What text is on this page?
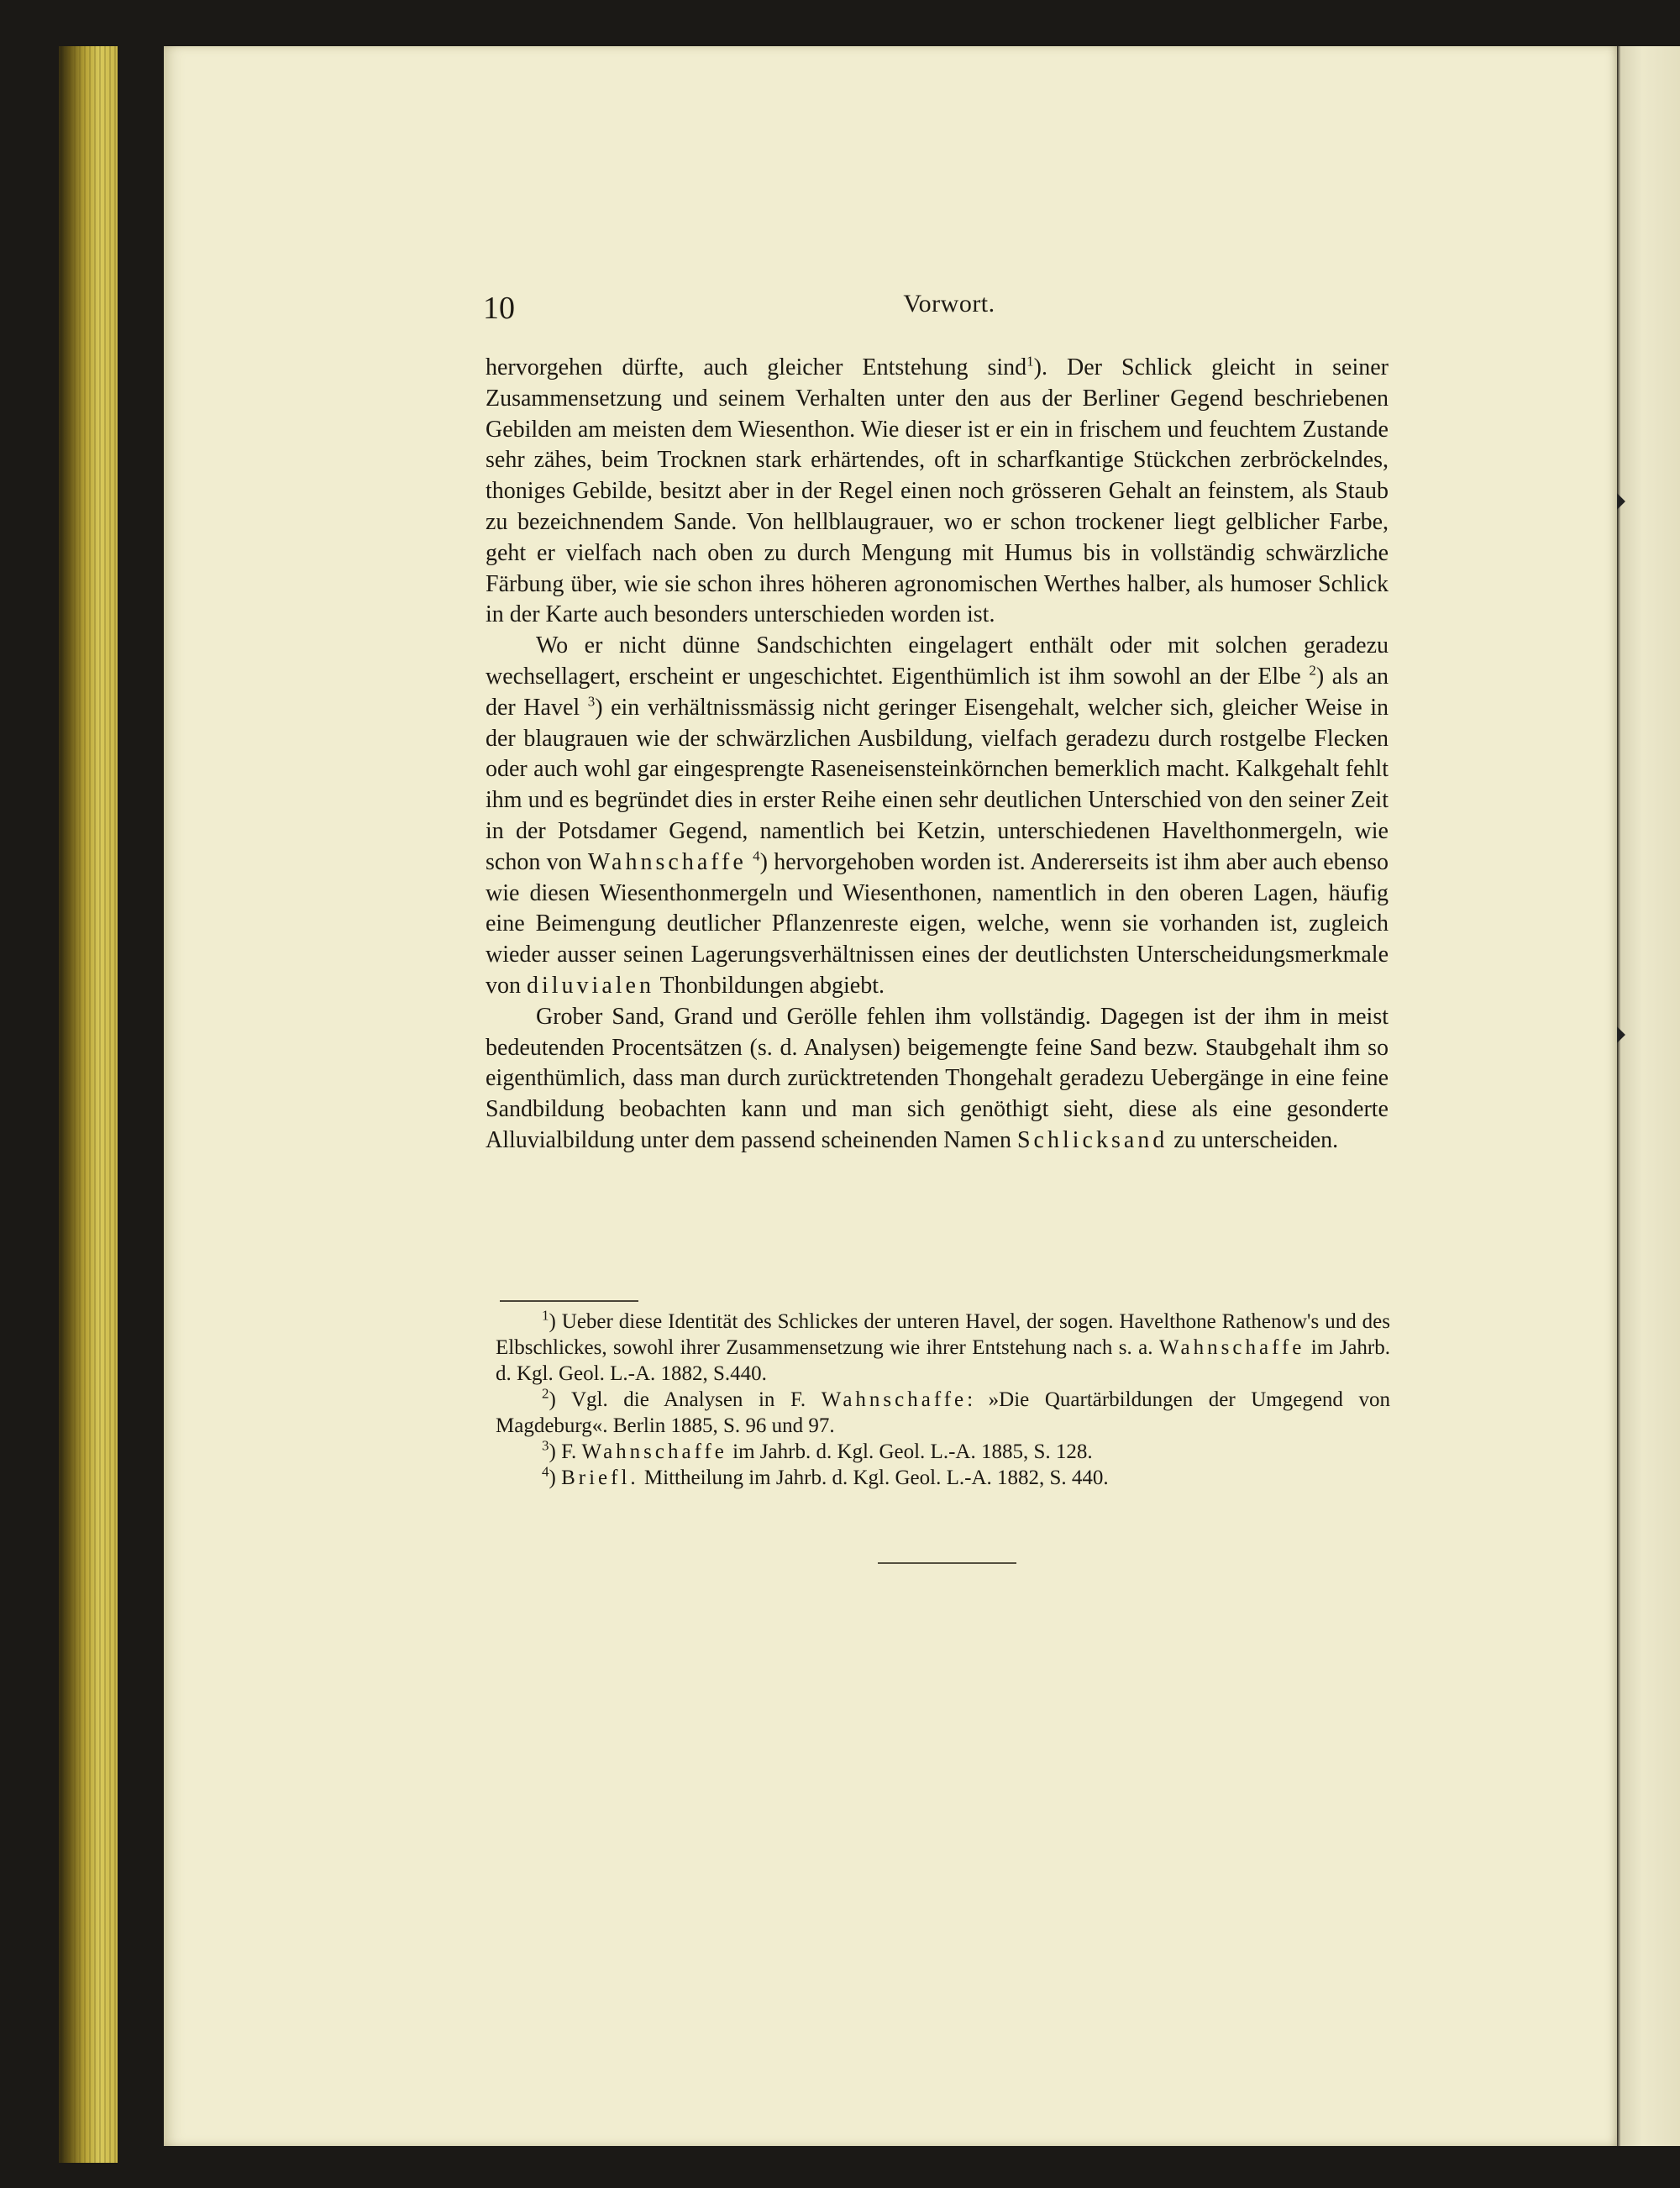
10	Vorwort.

hervorgehen dürfte, auch gleicher Entstehung sind$^1$). Der Schlick gleicht in seiner Zusammensetzung und seinem Verhalten unter den aus der Berliner Gegend beschriebenen Gebilden am meisten dem Wiesenthon. Wie dieser ist er ein in frischem und feuchtem Zustande sehr zähes, beim Trocknen stark erhärtendes, oft in scharfkantige Stückchen zerbröckelndes, thoniges Gebilde, besitzt aber in der Regel einen noch grösseren Gehalt an feinstem, als Staub zu bezeichnendem Sande. Von hellblaugrauer, wo er schon trockener liegt gelblicher Farbe, geht er vielfach nach oben zu durch Mengung mit Humus bis in vollständig schwärzliche Färbung über, wie sie schon ihres höheren agronomischen Werthes halber, als humoser Schlick in der Karte auch besonders unterschieden worden ist.

Wo er nicht dünne Sandschichten eingelagert enthält oder mit solchen geradezu wechsellagert, erscheint er ungeschichtet. Eigenthümlich ist ihm sowohl an der Elbe $^2$) als an der Havel $^3$) ein verhältnissmässig nicht geringer Eisengehalt, welcher sich, gleicher Weise in der blaugrauen wie der schwärzlichen Ausbildung, vielfach geradezu durch rostgelbe Flecken oder auch wohl gar eingesprengte Raseneisensteinkörnchen bemerklich macht. Kalkgehalt fehlt ihm und es begründet dies in erster Reihe einen sehr deutlichen Unterschied von den seiner Zeit in der Potsdamer Gegend, namentlich bei Ketzin, unterschiedenen Havelthonmergeln, wie schon von Wahnschaffe $^4$) hervorgehoben worden ist. Andererseits ist ihm aber auch ebenso wie diesen Wiesenthonmergeln und Wiesenthonen, namentlich in den oberen Lagen, häufig eine Beimengung deutlicher Pflanzenreste eigen, welche, wenn sie vorhanden ist, zugleich wieder ausser seinen Lagerungsverhältnissen eines der deutlichsten Unterscheidungsmerkmale von diluvialen Thonbildungen abgiebt.

Grober Sand, Grand und Gerölle fehlen ihm vollständig. Dagegen ist der ihm in meist bedeutenden Procentsätzen (s. d. Analysen) beigemengte feine Sand bezw. Staubgehalt ihm so eigenthümlich, dass man durch zurücktretenden Thongehalt geradezu Uebergänge in eine feine Sandbildung beobachten kann und man sich genöthigt sieht, diese als eine gesonderte Alluvialbildung unter dem passend scheinenden Namen Schlicksand zu unterscheiden.

$^1$) Ueber diese Identität des Schlickes der unteren Havel, der sogen. Havelthone Rathenow's und des Elbschlickes, sowohl ihrer Zusammensetzung wie ihrer Entstehung nach s. a. Wahnschaffe im Jahrb. d. Kgl. Geol. L.-A. 1882, S.440.

$^2$) Vgl. die Analysen in F. Wahnschaffe: »Die Quartärbildungen der Umgegend von Magdeburg«. Berlin 1885, S. 96 und 97.

$^3$) F. Wahnschaffe im Jahrb. d. Kgl. Geol. L.-A. 1885, S. 128.

$^4$) Briefl. Mittheilung im Jahrb. d. Kgl. Geol. L.-A. 1882, S. 440.
